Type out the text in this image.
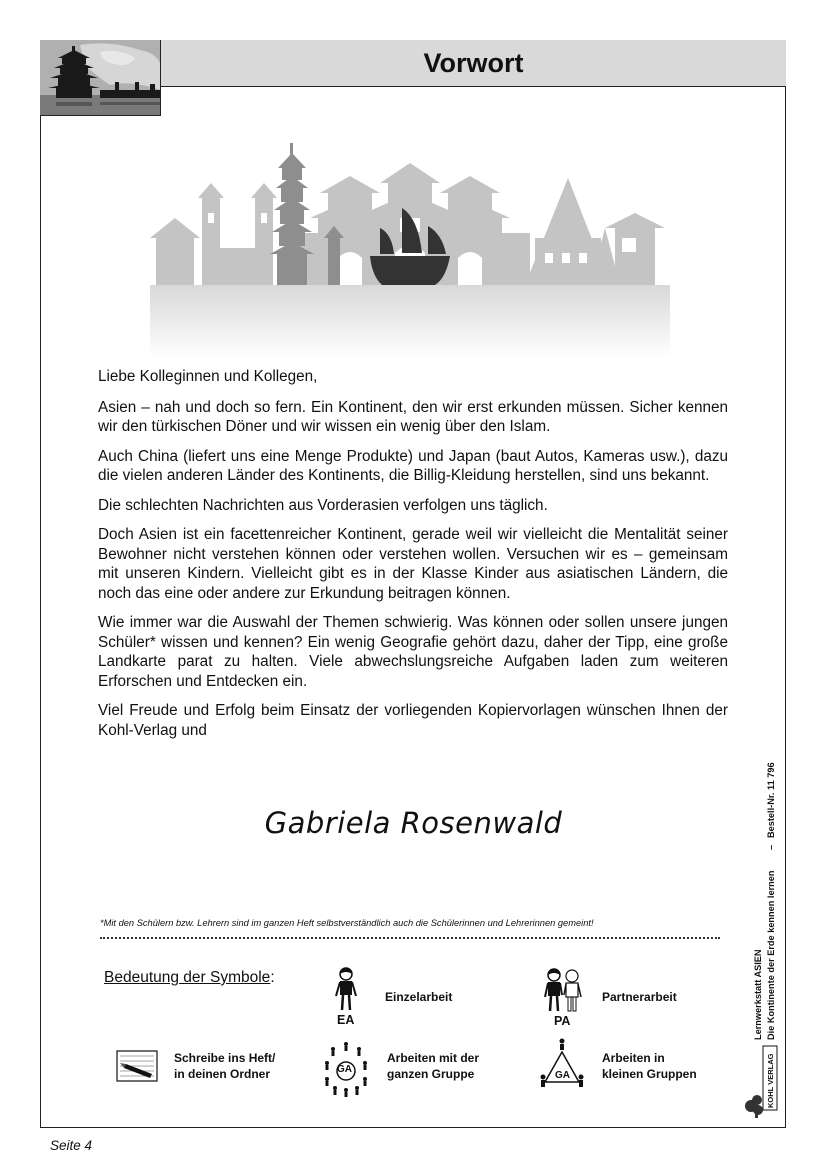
Vorwort

Liebe Kolleginnen und Kollegen,

Asien – nah und doch so fern. Ein Kontinent, den wir erst erkunden müssen. Sicher kennen wir den türkischen Döner und wir wissen ein wenig über den Islam.

Auch China (liefert uns eine Menge Produkte) und Japan (baut Autos, Kameras usw.), dazu die vielen anderen Länder des Kontinents, die Billig-Kleidung herstellen, sind uns bekannt.

Die schlechten Nachrichten aus Vorderasien verfolgen uns täglich.

Doch Asien ist ein facettenreicher Kontinent, gerade weil wir vielleicht die Mentalität seiner Bewohner nicht verstehen können oder verstehen wollen. Versuchen wir es – gemeinsam mit unseren Kindern. Vielleicht gibt es in der Klasse Kinder aus asiatischen Ländern, die noch das eine oder andere zur Erkundung beitragen können.

Wie immer war die Auswahl der Themen schwierig. Was können oder sollen unsere jungen Schüler* wissen und kennen? Ein wenig Geografie gehört dazu, daher der Tipp, eine große Landkarte parat zu halten. Viele abwechslungsreiche Aufgaben laden zum weiteren Erforschen und Entdecken ein.

Viel Freude und Erfolg beim Einsatz der vorliegenden Kopiervorlagen wünschen Ihnen der Kohl-Verlag und

Gabriela Rosenwald
*Mit den Schülern bzw. Lehrern sind im ganzen Heft selbstverständlich auch die Schülerinnen und Lehrerinnen gemeint!
Bedeutung der Symbole:
EA
Einzelarbeit
PA
Partnerarbeit
Schreibe ins Heft/
in deinen Ordner	GA
Arbeiten mit der
ganzen Gruppe	GA
Arbeiten in
kleinen Gruppen
Bestell-Nr. 11 796
–
Lernwerkstatt ASIEN Die Kontinente der Erde kennen lernen
KOHL VERLAG
Seite 4
